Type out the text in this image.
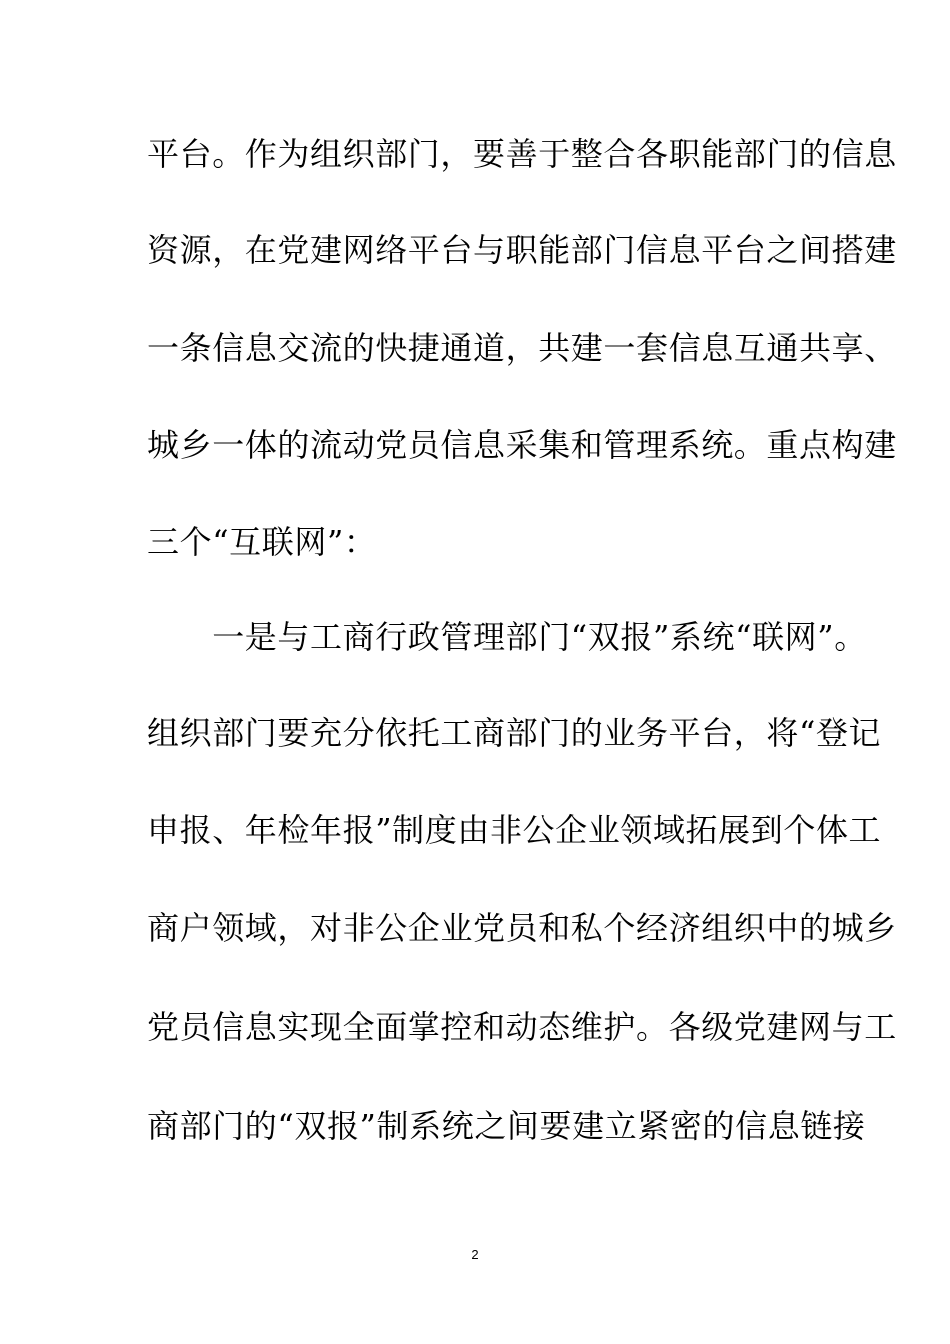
平台。作为组织部门，要善于整合各职能部门的信息
资源，在党建网络平台与职能部门信息平台之间搭建
一条信息交流的快捷通道，共建一套信息互通共享、
城乡一体的流动党员信息采集和管理系统。重点构建
三个“互联网”：
　　一是与工商行政管理部门“双报”系统“联网”。
组织部门要充分依托工商部门的业务平台，将“登记
申报、年检年报”制度由非公企业领域拓展到个体工
商户领域，对非公企业党员和私个经济组织中的城乡
党员信息实现全面掌控和动态维护。各级党建网与工
商部门的“双报”制系统之间要建立紧密的信息链接
2
